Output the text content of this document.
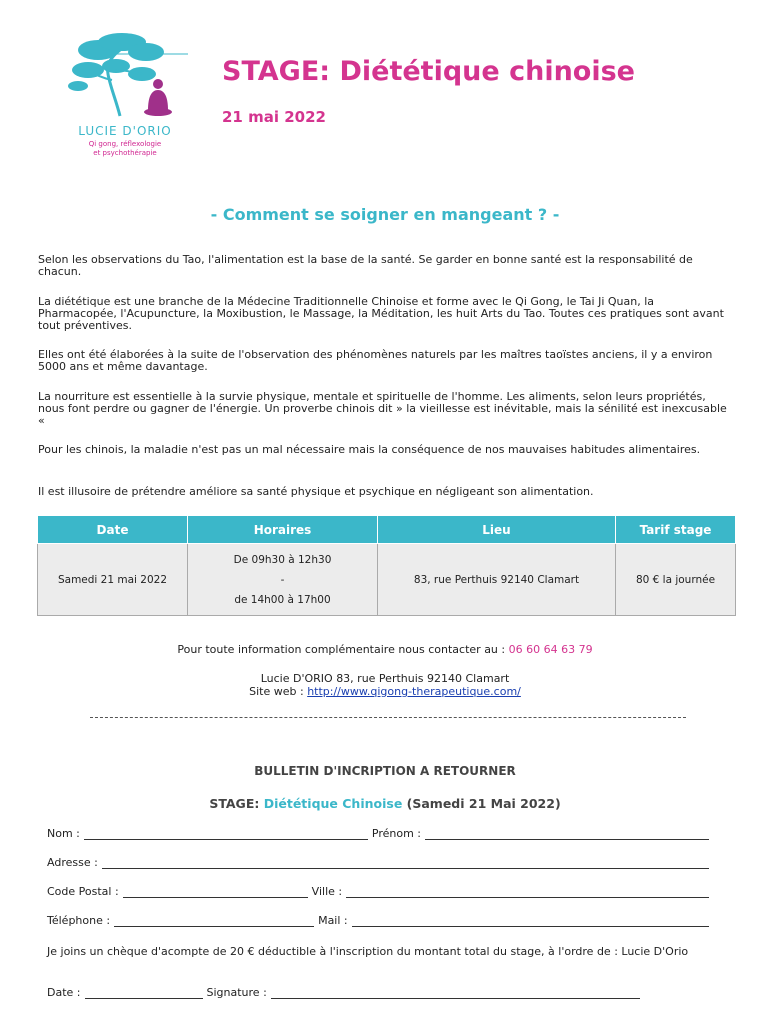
LUCIE D'ORIO
Qi gong, réflexologie
et psychothérapie
STAGE: Diététique chinoise
21 mai 2022
- Comment se soigner en mangeant ? -

Selon les observations du Tao, l'alimentation est la base de la santé. Se garder en bonne santé est la responsabilité de chacun.

La diététique est une branche de la Médecine Traditionnelle Chinoise et forme avec le Qi Gong, le Tai Ji Quan, la Pharmacopée, l'Acupuncture, la Moxibustion, le Massage, la Méditation, les huit Arts du Tao. Toutes ces pratiques sont avant tout préventives.

Elles ont été élaborées à la suite de l'observation des phénomènes naturels par les maîtres taoïstes anciens, il y a environ 5000 ans et même davantage.

La nourriture est essentielle à la survie physique, mentale et spirituelle de l'homme. Les aliments, selon leurs propriétés, nous font perdre ou gagner de l'énergie. Un proverbe chinois dit » la vieillesse est inévitable, mais la sénilité est inexcusable «

Pour les chinois, la maladie n'est pas un mal nécessaire mais la conséquence de nos mauvaises habitudes alimentaires.

Il est illusoire de prétendre améliore sa santé physique et psychique en négligeant son alimentation.

Date	Horaires	Lieu	Tarif stage
Samedi 21 mai 2022	De 09h30 à 12h30
-
de 14h00 à 17h00	83, rue Perthuis 92140 Clamart	80 € la journée
Pour toute information complémentaire nous contacter au : 06 60 64 63 79
Lucie D'ORIO 83, rue Perthuis 92140 Clamart
Site web : http://www.qigong-therapeutique.com/
BULLETIN D'INCRIPTION A RETOURNER
STAGE: Diététique Chinoise (Samedi 21 Mai 2022)
Nom :	Prénom :
Adresse :
Code Postal :	Ville :
Téléphone :	Mail :

Je joins un chèque d'acompte de 20 € déductible à l'inscription du montant total du stage, à l'ordre de : Lucie D'Orio

Date :	Signature :
